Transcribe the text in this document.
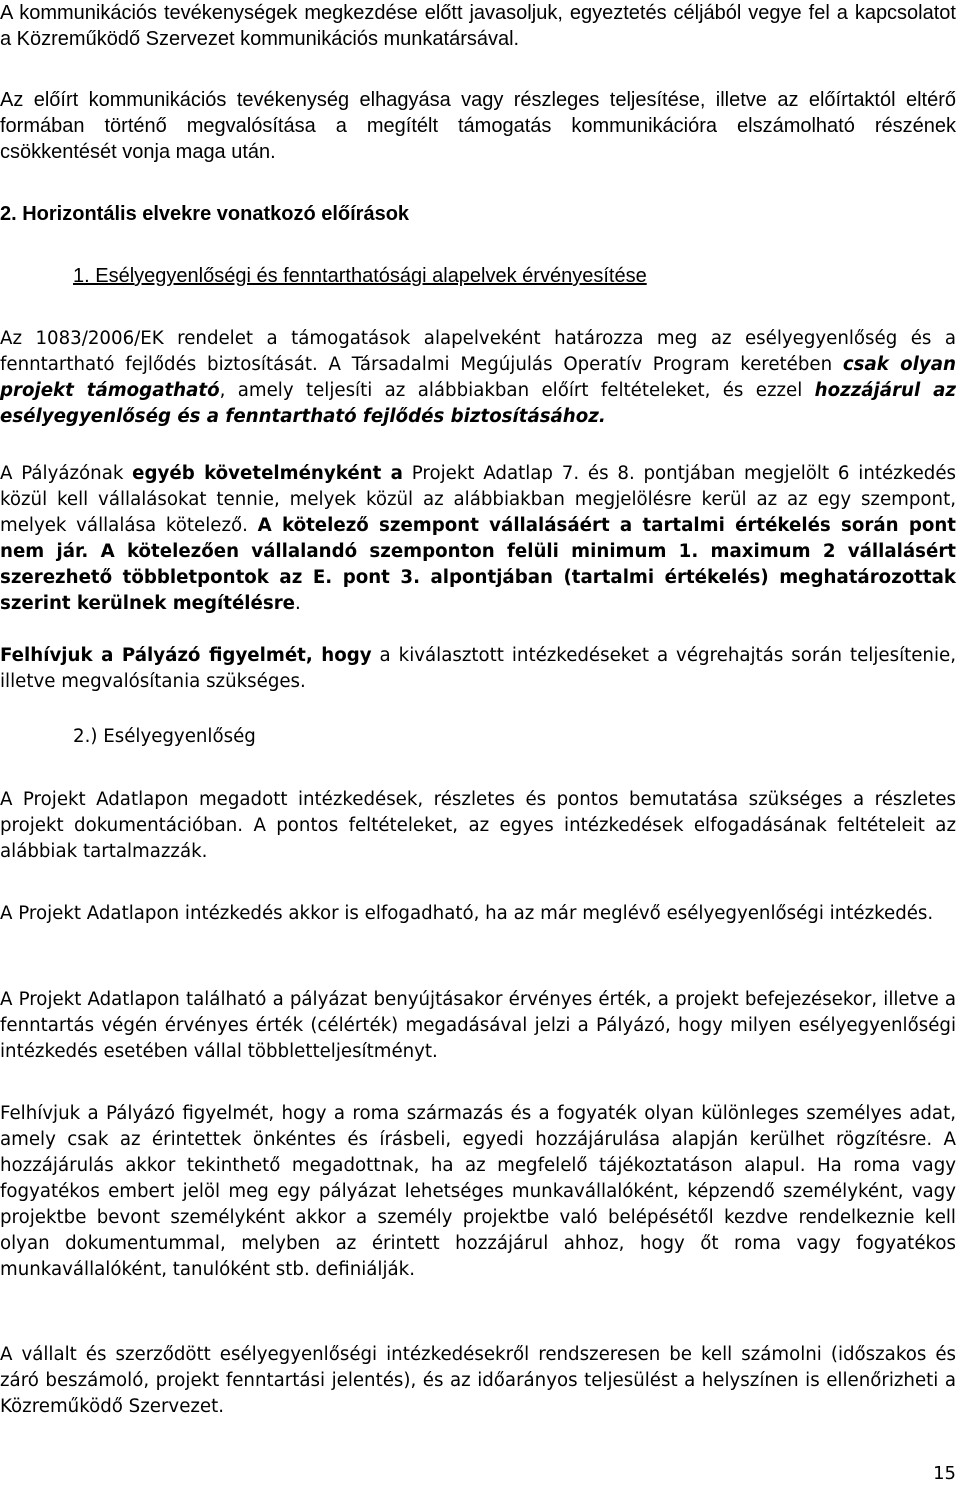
A kommunikációs tevékenységek megkezdése előtt javasoljuk, egyeztetés céljából vegye fel a kapcsolatot a Közreműködő Szervezet kommunikációs munkatársával.

Az előírt kommunikációs tevékenység elhagyása vagy részleges teljesítése, illetve az előírtaktól eltérő formában történő megvalósítása a megítélt támogatás kommunikációra elszámolható részének csökkentését vonja maga után.

2. Horizontális elvekre vonatkozó előírások

1. Esélyegyenlőségi és fenntarthatósági alapelvek érvényesítése

Az 1083/2006/EK rendelet a támogatások alapelveként határozza meg az esélyegyenlőség és a fenntartható fejlődés biztosítását. A Társadalmi Megújulás Operatív Program keretében csak olyan projekt támogatható, amely teljesíti az alábbiakban előírt feltételeket, és ezzel hozzájárul az esélyegyenlőség és a fenntartható fejlődés biztosításához.

A Pályázónak egyéb követelményként a Projekt Adatlap 7. és 8. pontjában megjelölt 6 intézkedés közül kell vállalásokat tennie, melyek közül az alábbiakban megjelölésre kerül az az egy szempont, melyek vállalása kötelező. A kötelező szempont vállalásáért a tartalmi értékelés során pont nem jár. A kötelezően vállalandó szemponton felüli minimum 1. maximum 2 vállalásért szerezhető többletpontok az E. pont 3. alpontjában (tartalmi értékelés) meghatározottak szerint kerülnek megítélésre.

Felhívjuk a Pályázó figyelmét, hogy a kiválasztott intézkedéseket a végrehajtás során teljesítenie, illetve megvalósítania szükséges.

2.) Esélyegyenlőség

A Projekt Adatlapon megadott intézkedések, részletes és pontos bemutatása szükséges a részletes projekt dokumentációban. A pontos feltételeket, az egyes intézkedések elfogadásának feltételeit az alábbiak tartalmazzák.

A Projekt Adatlapon intézkedés akkor is elfogadható, ha az már meglévő esélyegyenlőségi intézkedés.

A Projekt Adatlapon található a pályázat benyújtásakor érvényes érték, a projekt befejezésekor, illetve a fenntartás végén érvényes érték (célérték) megadásával jelzi a Pályázó, hogy milyen esélyegyenlőségi intézkedés esetében vállal többletteljesítményt.

Felhívjuk a Pályázó figyelmét, hogy a roma származás és a fogyaték olyan különleges személyes adat, amely csak az érintettek önkéntes és írásbeli, egyedi hozzájárulása alapján kerülhet rögzítésre. A hozzájárulás akkor tekinthető megadottnak, ha az megfelelő tájékoztatáson alapul. Ha roma vagy fogyatékos embert jelöl meg egy pályázat lehetséges munkavállalóként, képzendő személyként, vagy projektbe bevont személyként akkor a személy projektbe való belépésétől kezdve rendelkeznie kell olyan dokumentummal, melyben az érintett hozzájárul ahhoz, hogy őt roma vagy fogyatékos munkavállalóként, tanulóként stb. definiálják.

A vállalt és szerződött esélyegyenlőségi intézkedésekről rendszeresen be kell számolni (időszakos és záró beszámoló, projekt fenntartási jelentés), és az időarányos teljesülést a helyszínen is ellenőrizheti a Közreműködő Szervezet.

15
